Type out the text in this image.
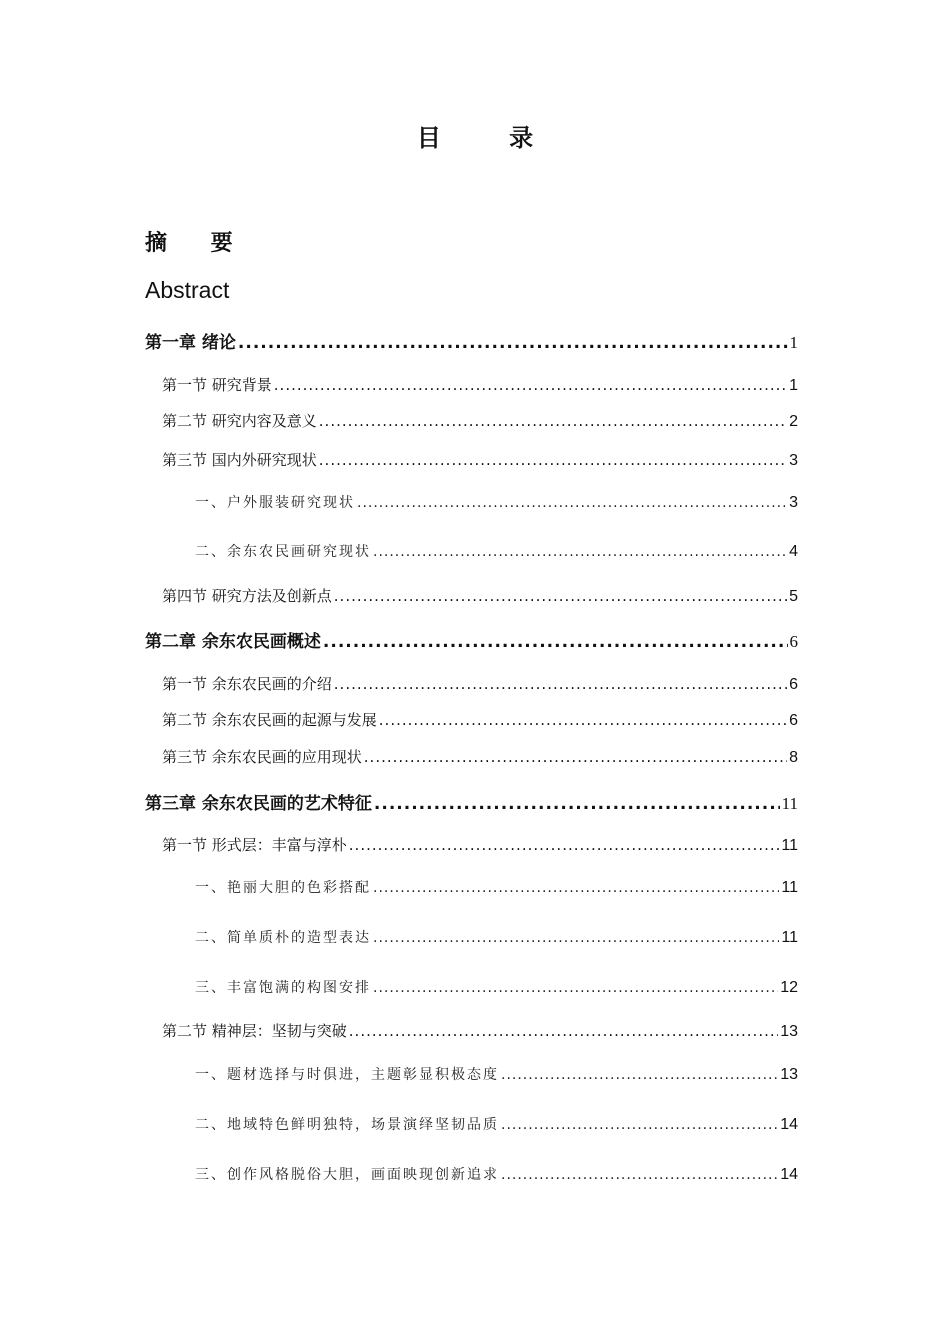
目 录
摘 要
Abstract
第一章 绪论 .....	1
第一节 研究背景 .....	1
第二节 研究内容及意义 .....	2
第三节 国内外研究现状 .....	3
一、户外服装研究现状 .....	3
二、余东农民画研究现状 .....	4
第四节 研究方法及创新点 .....	5
第二章 余东农民画概述 .....	6
第一节 余东农民画的介绍 .....	6
第二节 余东农民画的起源与发展 .....	6
第三节 余东农民画的应用现状 .....	8
第三章 余东农民画的艺术特征 .....	11
第一节 形式层：丰富与淳朴 .....	11
一、艳丽大胆的色彩搭配 .....	11
二、简单质朴的造型表达 .....	11
三、丰富饱满的构图安排 .....	12
第二节 精神层：坚韧与突破 .....	13
一、题材选择与时俱进，主题彰显积极态度 .....	13
二、地域特色鲜明独特，场景演绎坚韧品质 .....	14
三、创作风格脱俗大胆，画面映现创新追求 .....	14
